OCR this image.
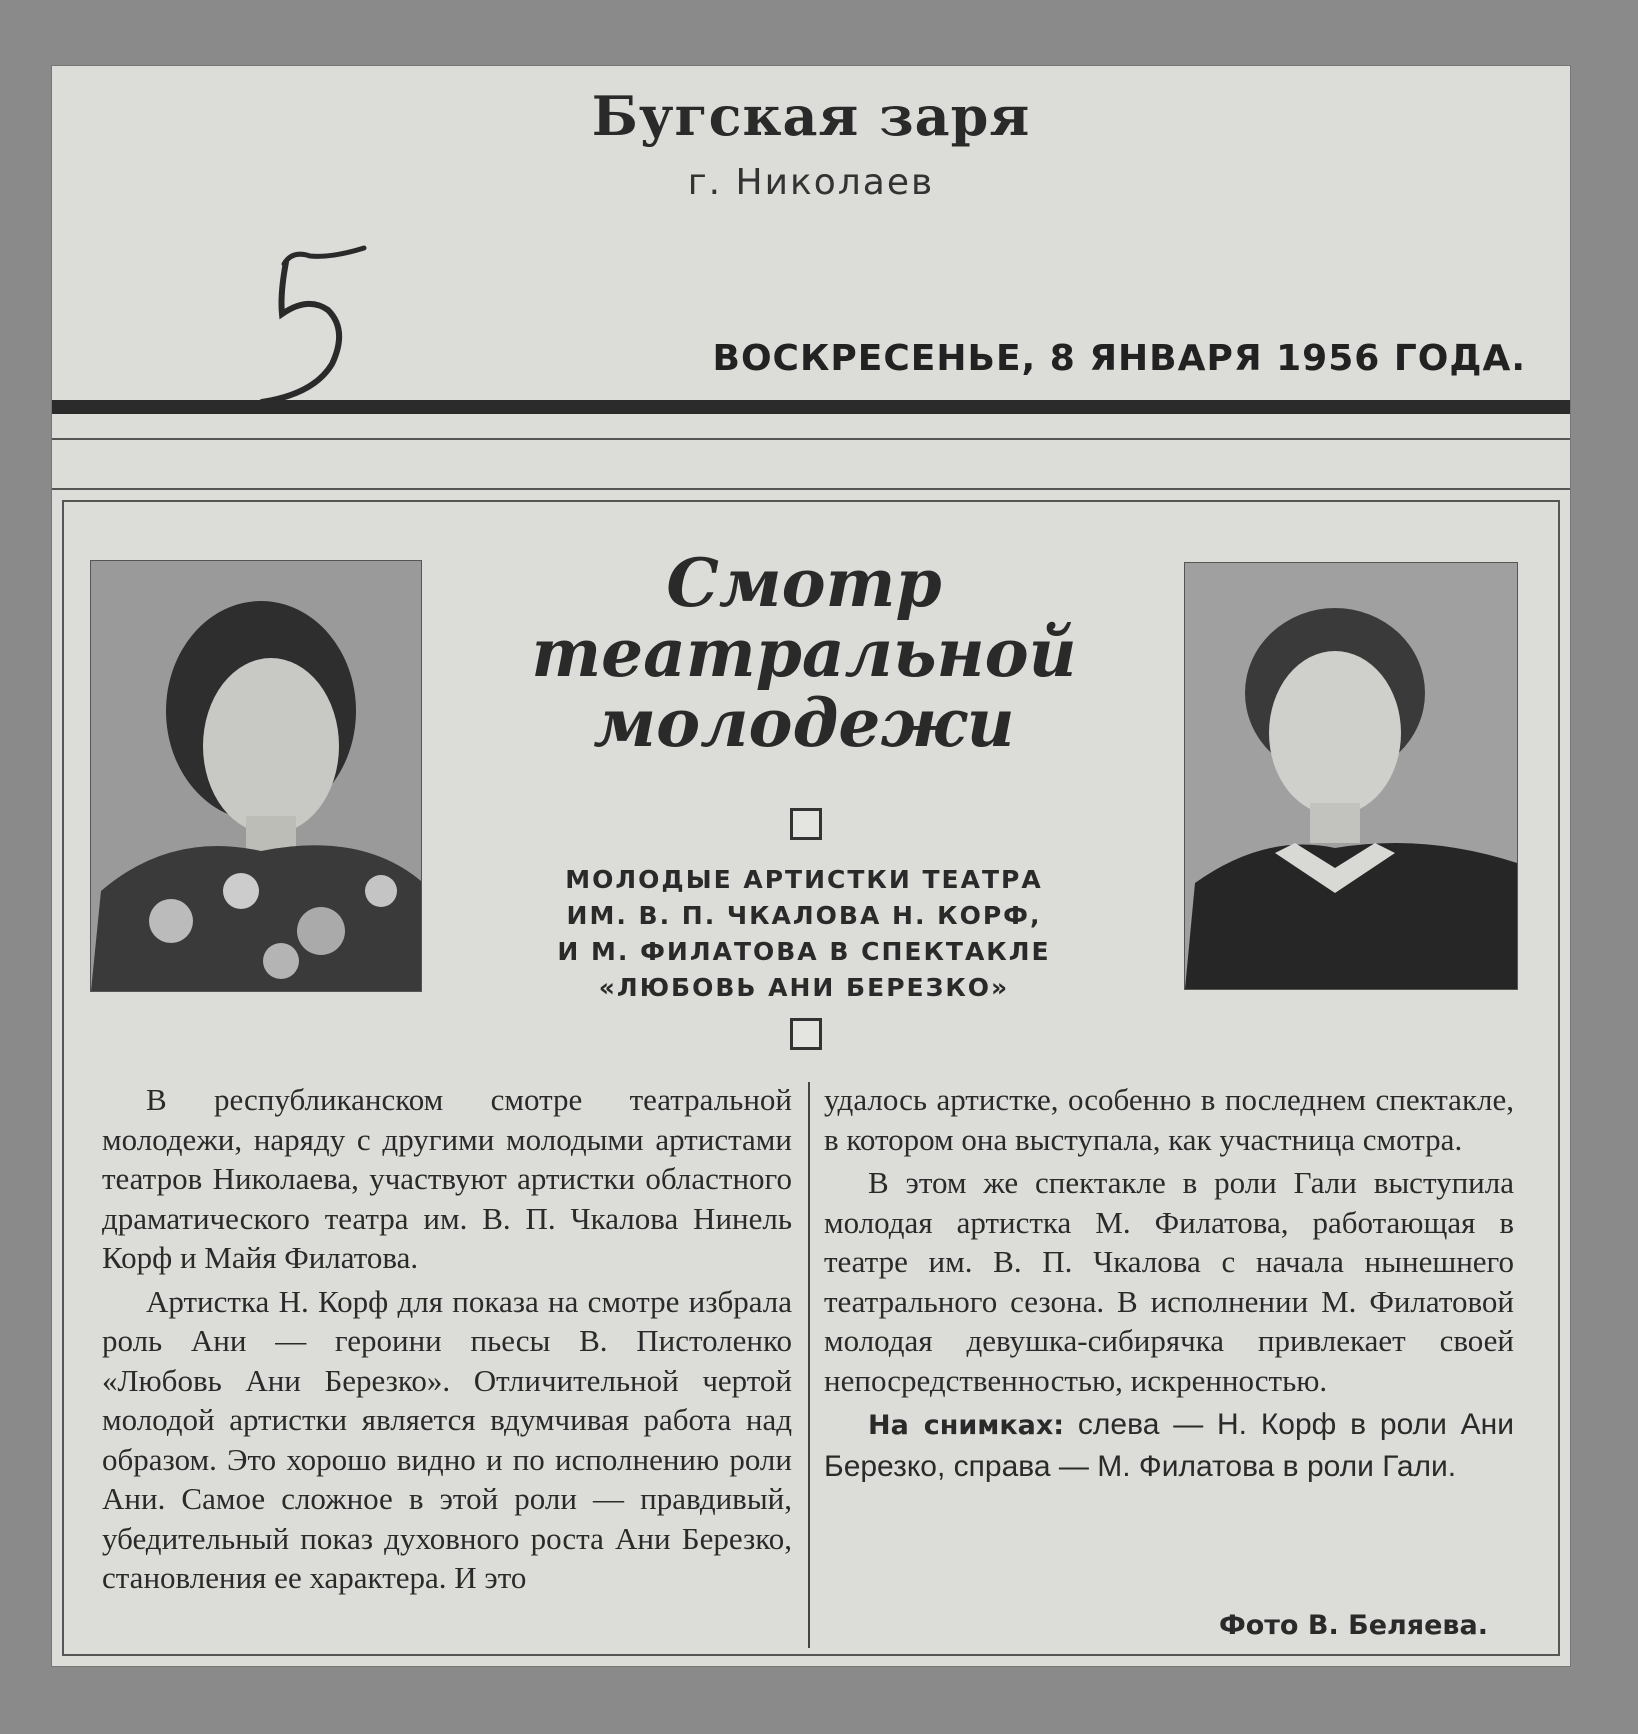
Бугская заря
г. Николаев
ВОСКРЕСЕНЬЕ, 8 ЯНВАРЯ 1956 ГОДА.
Смотр
театральной
молодежи
МОЛОДЫЕ АРТИСТКИ ТЕАТРА
ИМ. В. П. ЧКАЛОВА Н. КОРФ,
И М. ФИЛАТОВА В СПЕКТАКЛЕ
«ЛЮБОВЬ АНИ БЕРЕЗКО»

В республиканском смотре театральной молодежи, наряду с другими молодыми артистами театров Николаева, участвуют артистки областного драматического театра им. В. П. Чкалова Нинель Корф и Майя Филатова.

Артистка Н. Корф для показа на смотре избрала роль Ани — героини пьесы В. Пистоленко «Любовь Ани Березко». Отличительной чертой молодой артистки является вдумчивая работа над образом. Это хорошо видно и по исполнению роли Ани. Самое сложное в этой роли — правдивый, убедительный показ духовного роста Ани Березко, становления ее характера. И это

удалось артистке, особенно в последнем спектакле, в котором она выступала, как участница смотра.

В этом же спектакле в роли Гали выступила молодая артистка М. Филатова, работающая в театре им. В. П. Чкалова с начала нынешнего театрального сезона. В исполнении М. Филатовой молодая девушка-сибирячка привлекает своей непосредственностью, искренностью.

На снимках: слева — Н. Корф в роли Ани Березко, справа — М. Филатова в роли Гали.

Фото В. Беляева.
